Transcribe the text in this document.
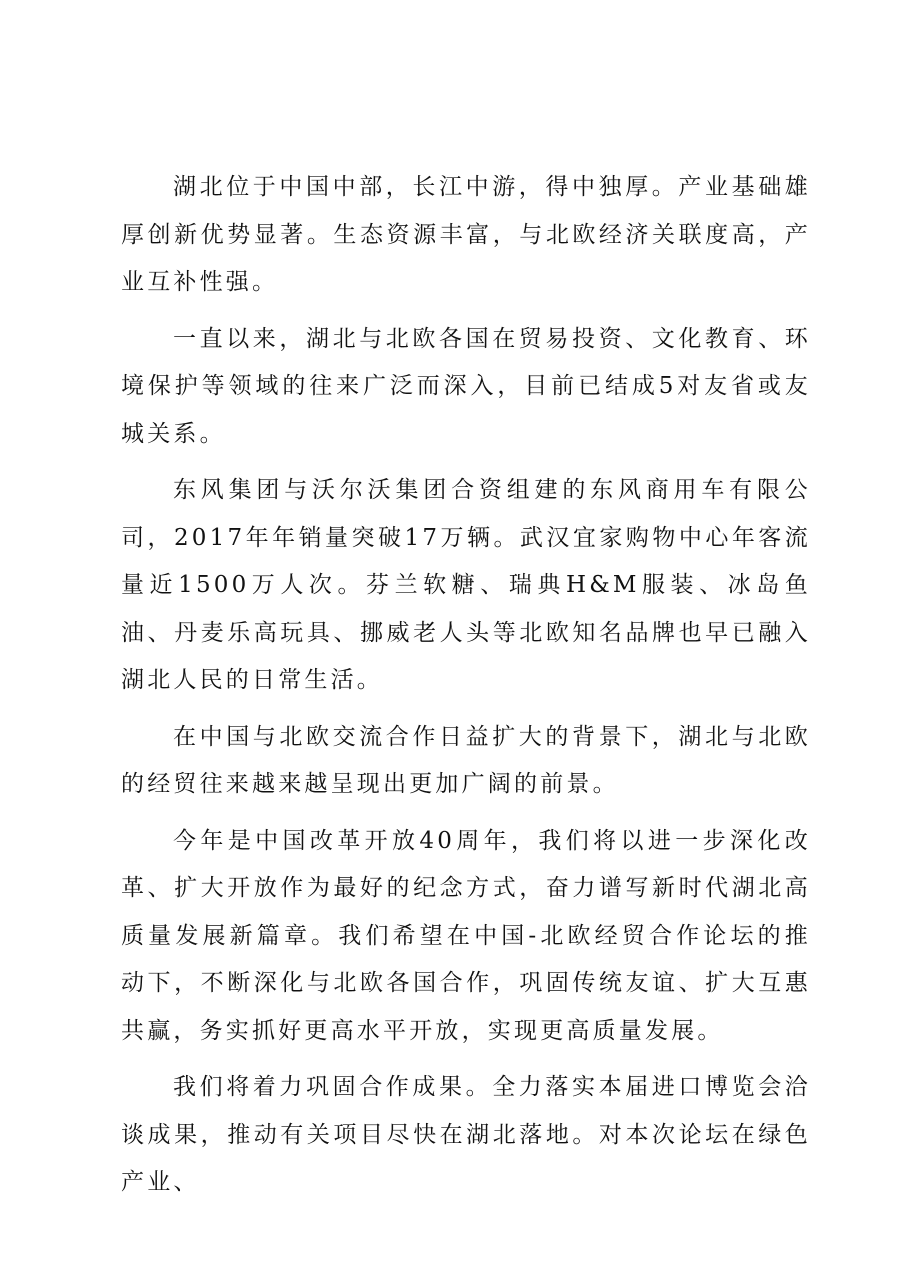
湖北位于中国中部，长江中游，得中独厚。产业基础雄厚创新优势显著。生态资源丰富，与北欧经济关联度高，产业互补性强。

一直以来，湖北与北欧各国在贸易投资、文化教育、环境保护等领域的往来广泛而深入，目前已结成5对友省或友城关系。

东风集团与沃尔沃集团合资组建的东风商用车有限公司，2017年年销量突破17万辆。武汉宜家购物中心年客流量近1500万人次。芬兰软糖、瑞典H&M服装、冰岛鱼油、丹麦乐高玩具、挪威老人头等北欧知名品牌也早已融入湖北人民的日常生活。

在中国与北欧交流合作日益扩大的背景下，湖北与北欧的经贸往来越来越呈现出更加广阔的前景。

今年是中国改革开放40周年，我们将以进一步深化改革、扩大开放作为最好的纪念方式，奋力谱写新时代湖北高质量发展新篇章。我们希望在中国-北欧经贸合作论坛的推动下，不断深化与北欧各国合作，巩固传统友谊、扩大互惠共赢，务实抓好更高水平开放，实现更高质量发展。

我们将着力巩固合作成果。全力落实本届进口博览会洽谈成果，推动有关项目尽快在湖北落地。对本次论坛在绿色产业、
